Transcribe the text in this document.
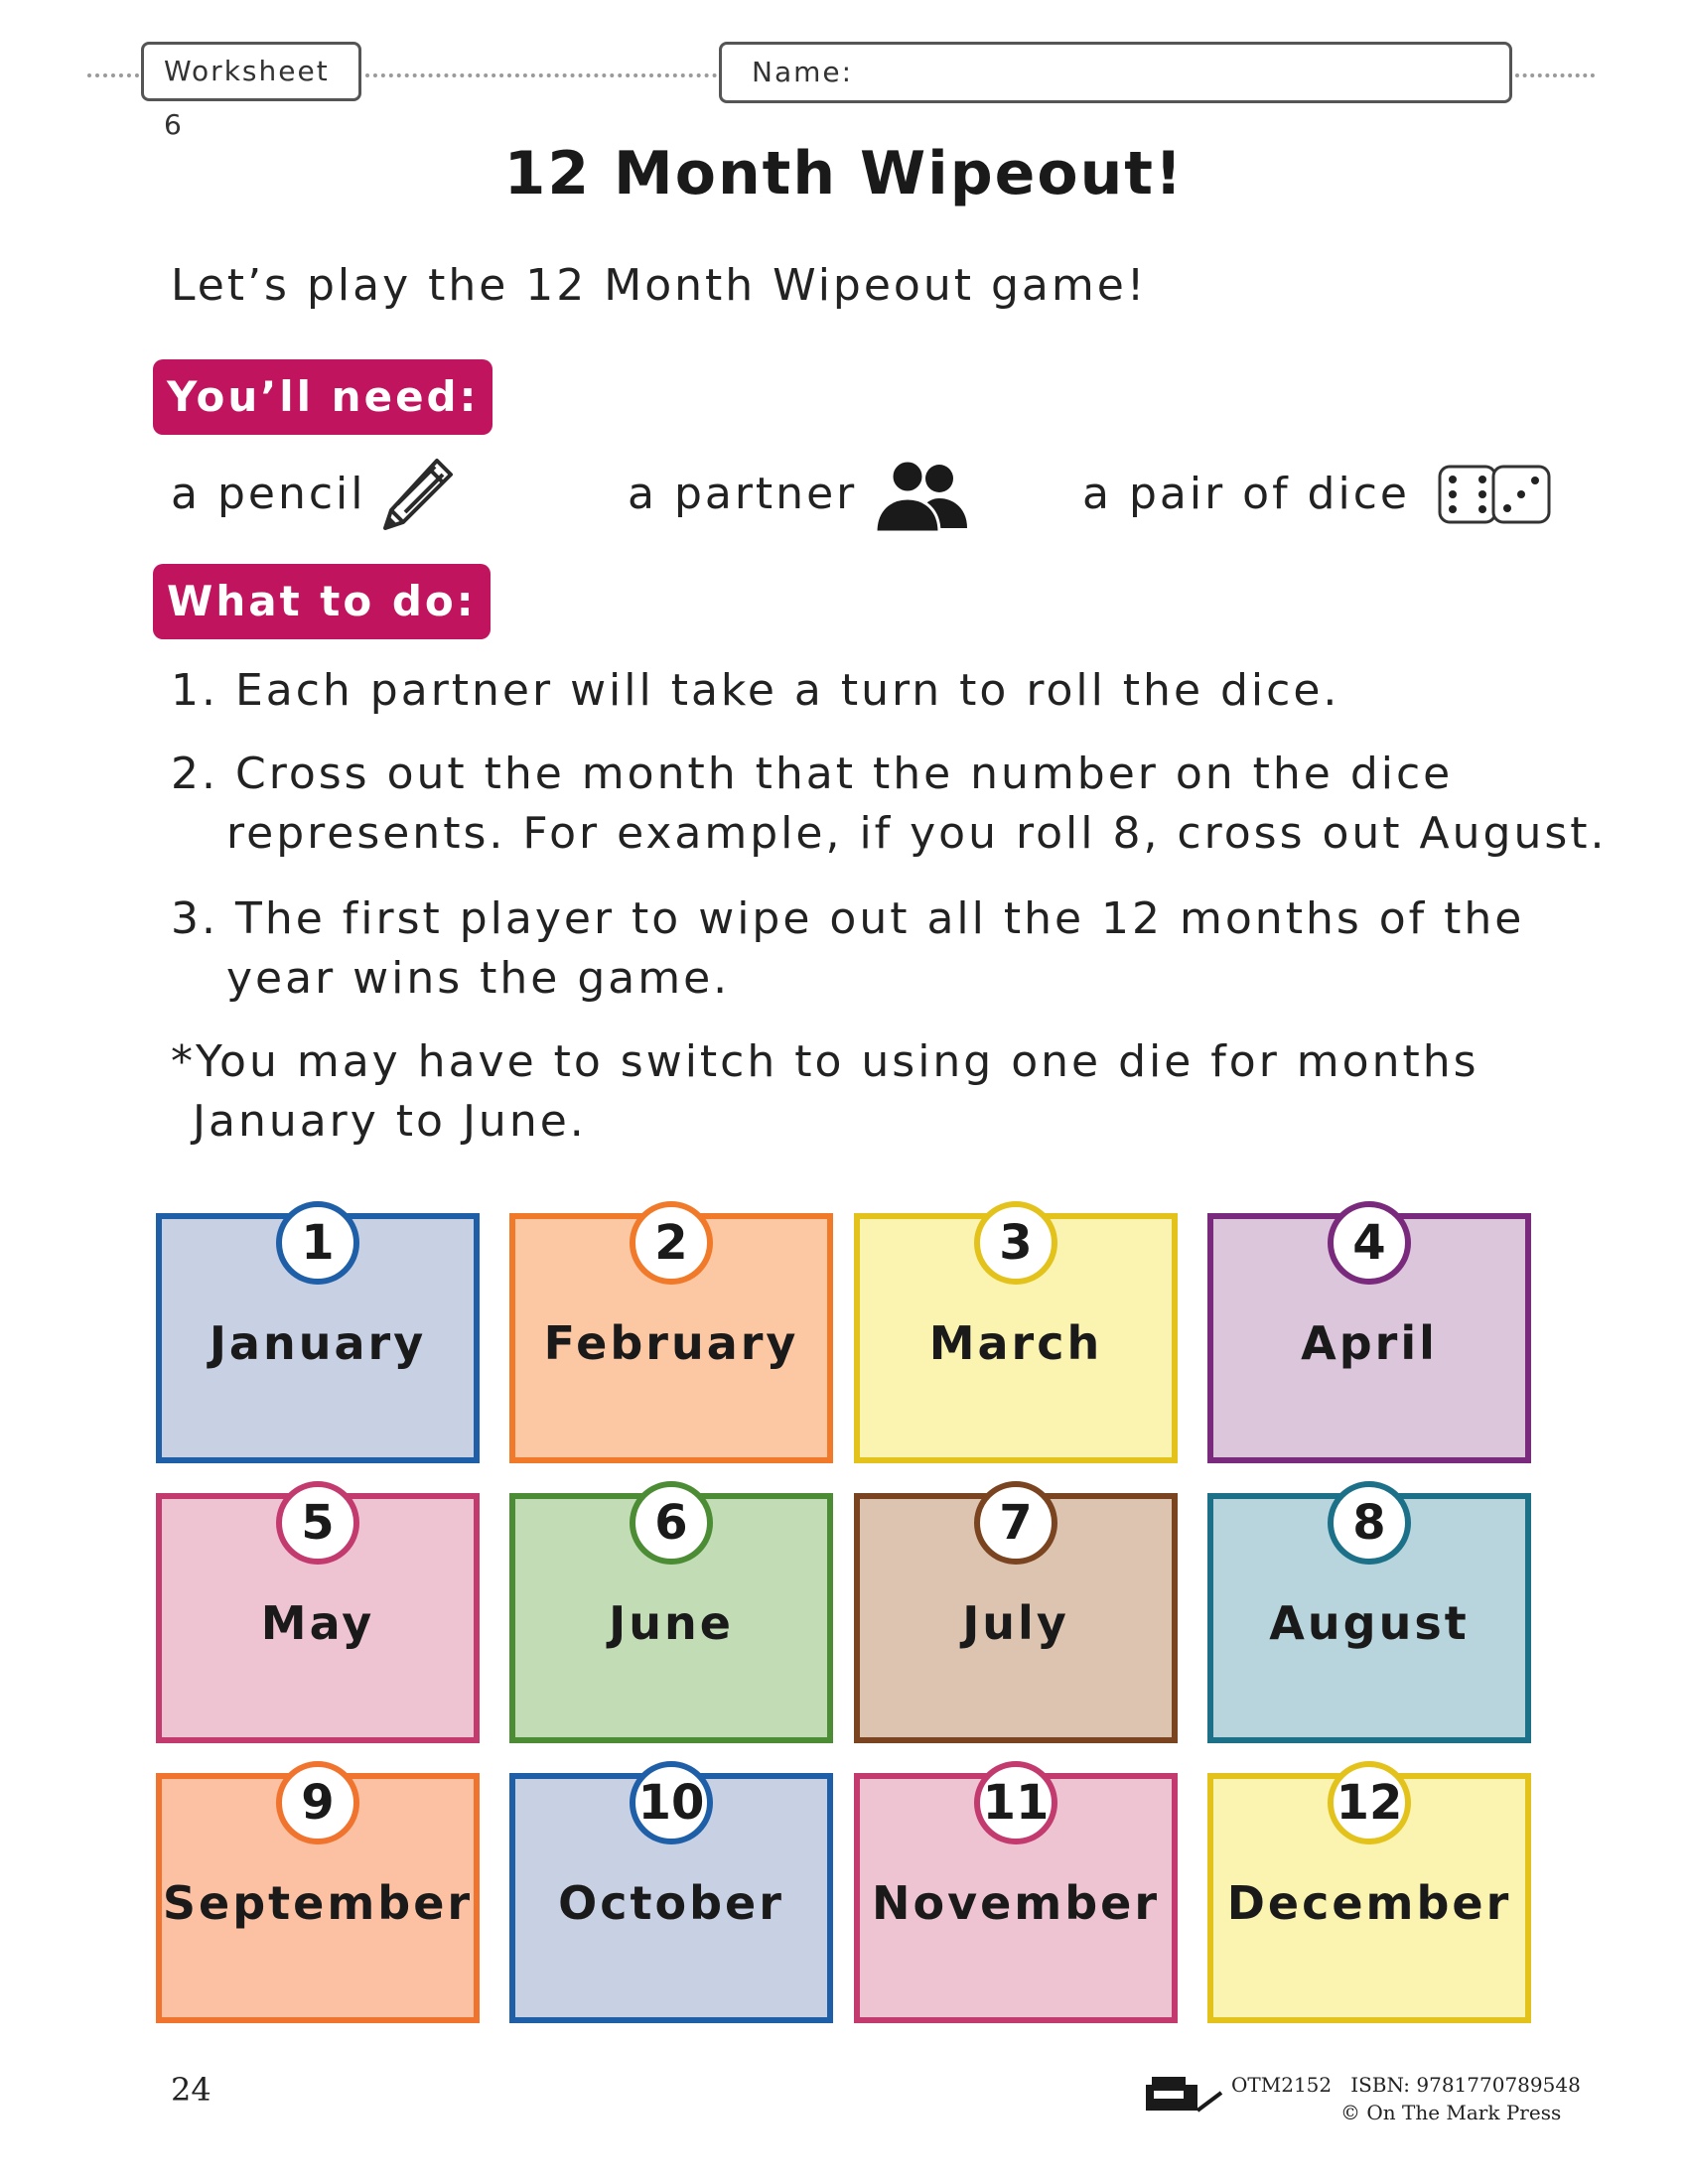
Worksheet 6
Name:
12 Month Wipeout!
Let’s play the 12 Month Wipeout game!
You’ll need:
a pencil	a partner	a pair of dice
What to do:
1. Each partner will take a turn to roll the dice.
2. Cross out the month that the number on the dice
represents. For example, if you roll 8, cross out August.
3. The first player to wipe out all the 12 months of the
year wins the game.
*You may have to switch to using one die for months
January to June.
January
1
February
2
March
3
April
4
May
5
June
6
July
7
August
8
September
9
October
10
November
11
December
12
24	OTM2152 ISBN: 9781770789548
© On The Mark Press
